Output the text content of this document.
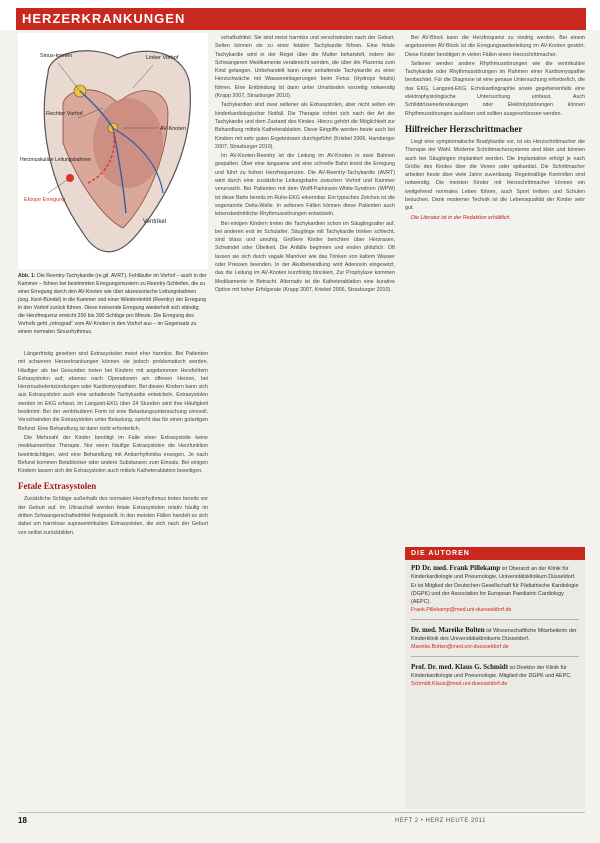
HERZERKRANKUNGEN
Sinus-knoten	Linker Vorhof
Rechter Vorhof
AV-Knoten
Herzmuskuläre Leitungsbahnen
Ektope Erregung
Ventrikel
Abb. 1: Die Reentry-Tachykardie (re.gil. AVRT). Fehlläufer im Vorhof – auch in der Kammer – führen bei bestimmten Erregungsmustern zu Reentry-Schleifen, die zu einer Erregung durch den AV-Knoten wie über akzessorische Leitungsbahnen (sog. Kent-Bündel) in die Kammer und einer Wiedereintritt (Reentry) der Erregung in den Vorhof zurück führen. Diese kreisende Erregung wiederholt sich ständig; die Herzfrequenz erreicht 200 bis 300 Schläge pro Minute. Die Erregung des Vorhofs geht „retrograd“ vom AV-Knoten in den Vorhof aus – im Gegensatz zu einem normalen Sinusrhythmus.

Längerfristig gesehen sind Extrasystolen meist eher harmlos. Bei Patienten mit schweren Herzerkrankungen können sie jedoch problematisch werden. Häufiger als bei Gesunden treten bei Kindern mit angeborenen Herzfehlern Extrasystolen auf; ebenso nach Operationen am offenen Herzen, bei Herzmuskelentzündungen oder Kardiomyopathien. Bei diesen Kindern kann sich aus Extrasystolen auch eine anhaltende Tachykardie entwickeln. Extrasystolen werden im EKG erfasst, im Langzeit-EKG über 24 Stunden wird ihre Häufigkeit bestimmt. Bei der ventrikulären Form ist eine Belastungsuntersuchung sinnvoll. Verschwinden die Extrasystolen unter Belastung, spricht das für einen gutartigen Befund. Eine Behandlung ist dann nicht erforderlich.

Die Mehrzahl der Kinder benötigt im Falle einer Extrasystolie keine medikamentöse Therapie. Nur wenn häufige Extrasystolen die Herzfunktion beeinträchtigen, wird eine Behandlung mit Antiarrhythmika erwogen. Je nach Befund kommen Betablocker oder andere Substanzen zum Einsatz. Bei einigen Kindern lassen sich die Extrasystolen auch mittels Katheterablation beseitigen.

Fetale Extrasystolen

Zusätzliche Schläge außerhalb des normalen Herzrhythmus treten bereits vor der Geburt auf. Im Ultraschall werden fetale Extrasystolen relativ häufig im dritten Schwangerschaftsdrittel festgestellt. In den meisten Fällen handelt es sich dabei um harmlose supraventrikuläre Extrasystolen, die sich nach der Geburt von selbst zurückbilden.

schaftsdrittel. Sie sind meist harmlos und verschwinden nach der Geburt. Selten können sie zu einer fetalen Tachykardie führen. Eine fetale Tachykardie wird in der Regel über die Mutter behandelt, indem der Schwangeren Medikamente verabreicht werden, die über die Plazenta zum Kind gelangen. Unbehandelt kann eine anhaltende Tachykardie zu einer Herzschwäche mit Wassereinlagerungen beim Fetus (Hydrops fetalis) führen. Eine Entbindung ist dann unter Umständen vorzeitig notwendig (Krapp 2007, Strasburger 2010).

Tachykardien sind zwar seltener als Extrasystolen, aber nicht selten ein kinderkardiologischer Notfall. Die Therapie richtet sich nach der Art der Tachykardie und dem Zustand des Kindes. Hierzu gehört die Möglichkeit zur Behandlung mittels Katheterablation. Diese Eingriffe werden heute auch bei Kindern mit sehr guten Ergebnissen durchgeführt (Kriebel 2006, Hamberger 2007, Strasburger 2010).

Im AV-Knoten-Reentry ist die Leitung im AV-Knoten in zwei Bahnen gespalten. Über eine langsame und eine schnelle Bahn kreist die Erregung und führt zu hohen Herzfrequenzen. Die AV-Reentry-Tachykardie (AVRT) wird durch eine zusätzliche Leitungsbahn zwischen Vorhof und Kammer verursacht. Bei Patienten mit dem Wolff-Parkinson-White-Syndrom (WPW) ist diese Bahn bereits im Ruhe-EKG erkennbar. Ein typisches Zeichen ist die sogenannte Delta-Welle. In seltenen Fällen können diese Patienten auch lebensbedrohliche Rhythmusstörungen entwickeln.

Bei einigen Kindern treten die Tachykardien schon im Säuglingsalter auf, bei anderen erst im Schulalter. Säuglinge mit Tachykardie trinken schlecht, sind blass und unruhig. Größere Kinder berichten über Herzrasen, Schwindel oder Übelkeit. Die Anfälle beginnen und enden plötzlich. Oft lassen sie sich durch vagale Manöver wie das Trinken von kaltem Wasser oder Pressen beenden. In der Akutbehandlung wird Adenosin eingesetzt, das die Leitung im AV-Knoten kurzfristig blockiert. Zur Prophylaxe kommen Medikamente in Betracht. Alternativ ist die Katheterablation eine kurative Option mit hoher Erfolgsrate (Krapp 2007, Kriebel 2006, Strasburger 2010).

Bei AV-Block kann die Herzfrequenz zu niedrig werden. Bei einem angeborenen AV-Block ist die Erregungsweiterleitung im AV-Knoten gestört. Diese Kinder benötigen in vielen Fällen einen Herzschrittmacher.

Seltener werden andere Rhythmusstörungen wie die ventrikuläre Tachykardie oder Rhythmusstörungen im Rahmen einer Kardiomyopathie beobachtet. Für die Diagnose ist eine genaue Untersuchung erforderlich, die das EKG, Langzeit-EKG, Echokardiographie sowie gegebenenfalls eine elektrophysiologische Untersuchung umfasst. Auch Schilddrüsenerkrankungen oder Elektrolytstörungen können Rhythmusstörungen auslösen und sollten ausgeschlossen werden.

Hilfreicher Herzschrittmacher

Liegt eine symptomatische Bradykardie vor, ist ein Herzschrittmacher die Therapie der Wahl. Moderne Schrittmachersysteme sind klein und können auch bei Säuglingen implantiert werden. Die Implantation erfolgt je nach Größe des Kindes über die Venen oder epikardial. Die Schrittmacher arbeiten heute über viele Jahre zuverlässig. Regelmäßige Kontrollen sind notwendig. Die meisten Kinder mit Herzschrittmacher können ein weitgehend normales Leben führen, auch Sport treiben und Schulen besuchen. Dank moderner Technik ist die Lebensqualität der Kinder sehr gut.

Die Literatur ist in der Redaktion erhältlich.

DIE AUTOREN
PD Dr. med. Frank Pillekamp ist Oberarzt an der Klinik für Kinderkardiologie und Pneumologie, Universitätsklinikum Düsseldorf. Er ist Mitglied der Deutschen Gesellschaft für Pädiatrische Kardiologie (DGPK) und der Association for European Paediatric Cardiology (AEPC).
Frank.Pillekamp@med.uni-duesseldorf.de
Dr. med. Mareike Bolten ist Wissenschaftliche Mitarbeiterin der Kinderklinik des Universitätsklinikums Düsseldorf.
Mareike.Bolten@med.uni-duesseldorf.de
Prof. Dr. med. Klaus G. Schmidt ist Direktor der Klinik für Kinderkardiologie und Pneumologie. Mitglied der DGPK und AEPC.
Schmidt.Klaus@med.uni-duesseldorf.de
18	HEFT 2 • HERZ HEUTE 2011
